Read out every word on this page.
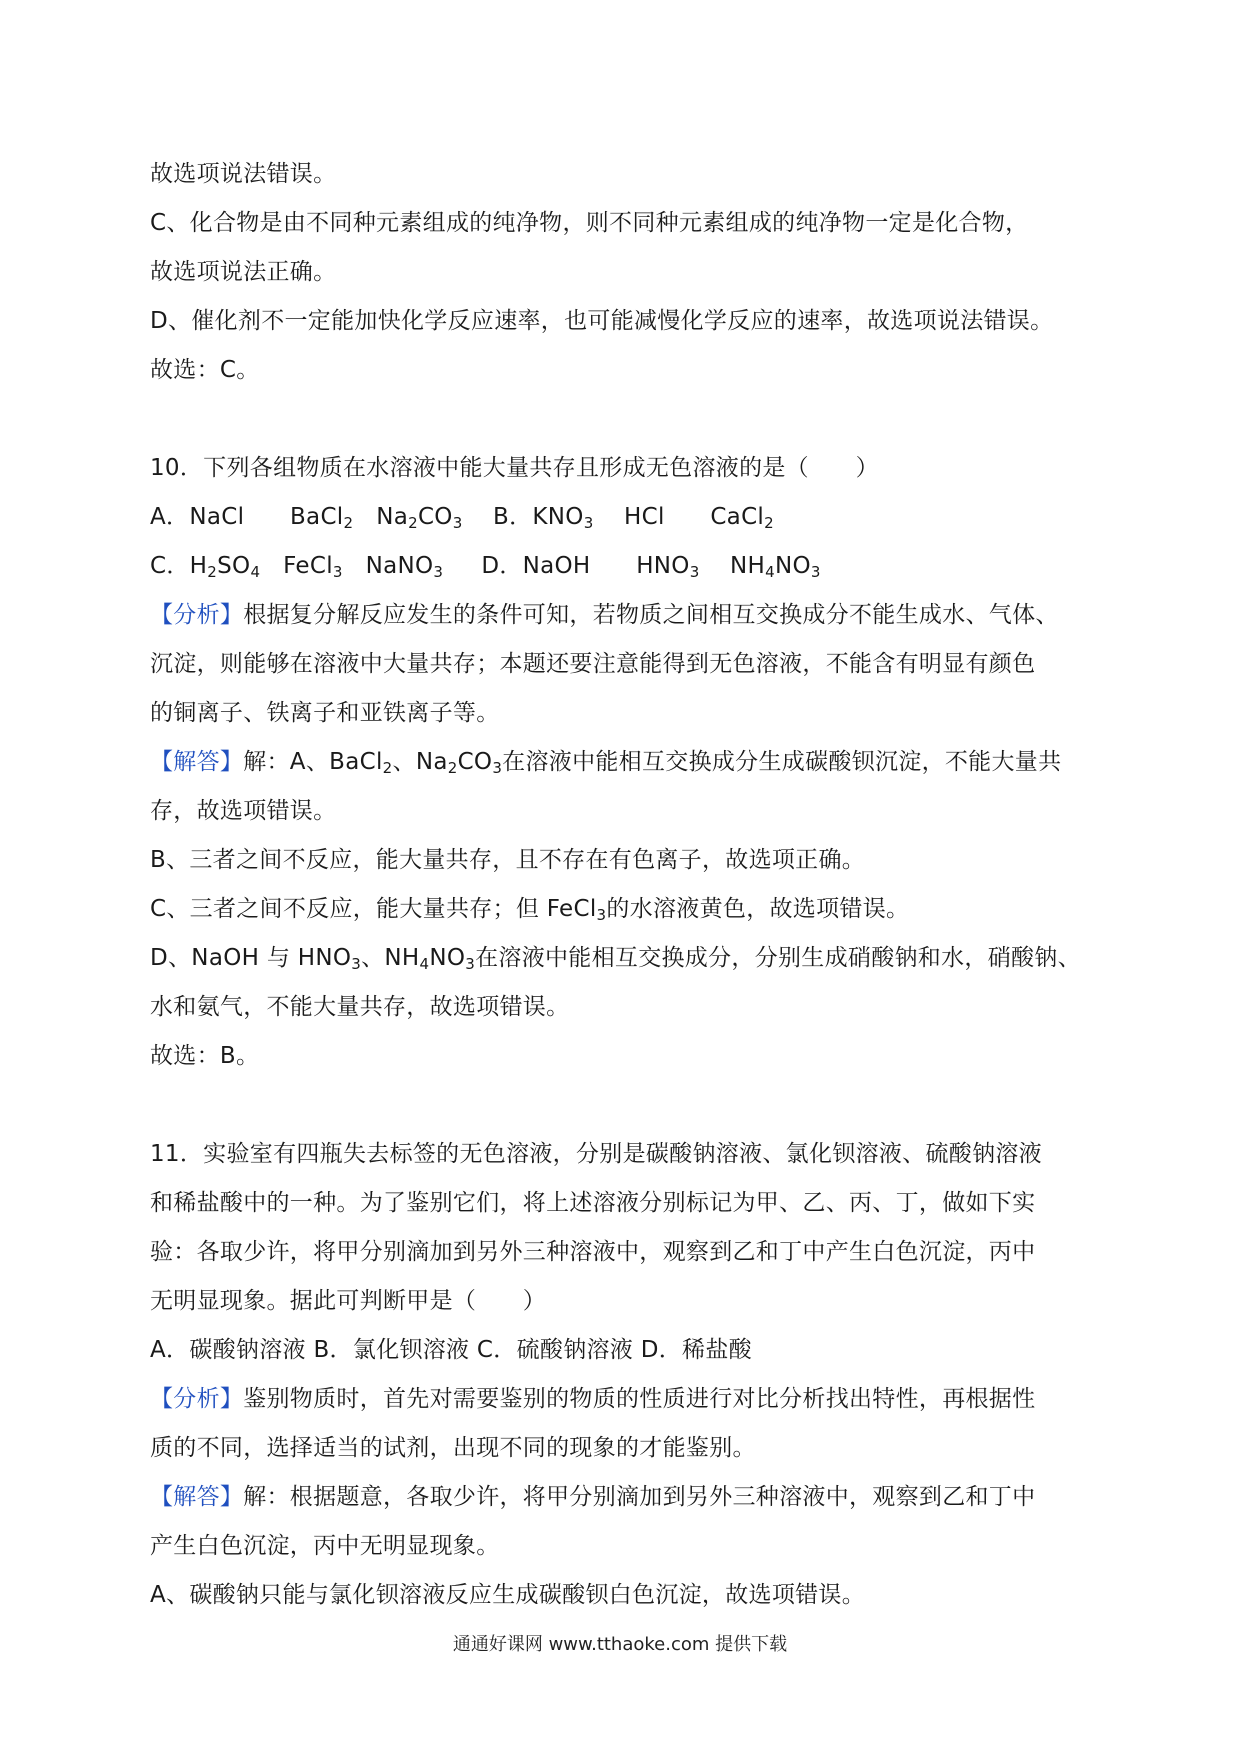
故选项说法错误。
C、化合物是由不同种元素组成的纯净物，则不同种元素组成的纯净物一定是化合物，
故选项说法正确。
D、催化剂不一定能加快化学反应速率，也可能减慢化学反应的速率，故选项说法错误。
故选：C。
10．下列各组物质在水溶液中能大量共存且形成无色溶液的是（　　）
A．NaCl BaCl$_2$ $Na_2CO_3$ B．$KNO_3$ HCl CaCl$_2$
C．$H_2SO_4$ FeCl$_3$ NaNO$_3$ D．NaOH $HNO_3$ $NH_4NO_3$
【分析】根据复分解反应发生的条件可知，若物质之间相互交换成分不能生成水、气体、
沉淀，则能够在溶液中大量共存；本题还要注意能得到无色溶液，不能含有明显有颜色
的铜离子、铁离子和亚铁离子等。
【解答】解：A、BaCl$_2$、$Na_2CO_3$在溶液中能相互交换成分生成碳酸钡沉淀，不能大量共
存，故选项错误。
B、三者之间不反应，能大量共存，且不存在有色离子，故选项正确。
C、三者之间不反应，能大量共存；但 FeCl$_3$的水溶液黄色，故选项错误。
D、NaOH 与 $HNO_3$、$NH_4NO_3$在溶液中能相互交换成分，分别生成硝酸钠和水，硝酸钠、
水和氨气，不能大量共存，故选项错误。
故选：B。
11．实验室有四瓶失去标签的无色溶液，分别是碳酸钠溶液、氯化钡溶液、硫酸钠溶液
和稀盐酸中的一种。为了鉴别它们，将上述溶液分别标记为甲、乙、丙、丁，做如下实
验：各取少许，将甲分别滴加到另外三种溶液中，观察到乙和丁中产生白色沉淀，丙中
无明显现象。据此可判断甲是（　　）
A．碳酸钠溶液 B．氯化钡溶液 C．硫酸钠溶液 D．稀盐酸
【分析】鉴别物质时，首先对需要鉴别的物质的性质进行对比分析找出特性，再根据性
质的不同，选择适当的试剂，出现不同的现象的才能鉴别。
【解答】解：根据题意，各取少许，将甲分别滴加到另外三种溶液中，观察到乙和丁中
产生白色沉淀，丙中无明显现象。
A、碳酸钠只能与氯化钡溶液反应生成碳酸钡白色沉淀，故选项错误。
通通好课网 www.tthaoke.com 提供下载
